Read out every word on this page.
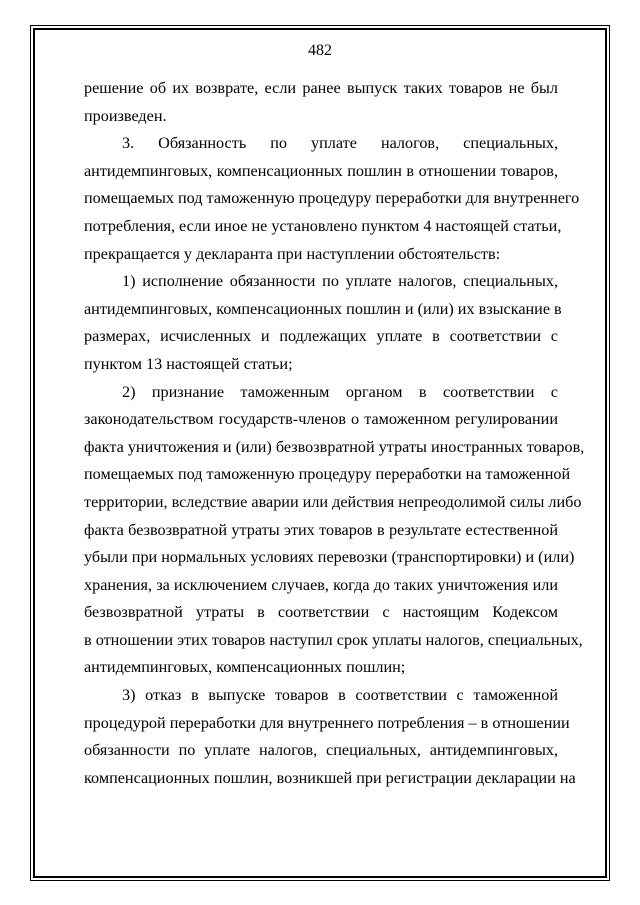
482
решение об их возврате, если ранее выпуск таких товаров не был
произведен.
3. Обязанность по уплате налогов, специальных,
антидемпинговых, компенсационных пошлин в отношении товаров,
помещаемых под таможенную процедуру переработки для внутреннего
потребления, если иное не установлено пунктом 4 настоящей статьи,
прекращается у декларанта при наступлении обстоятельств:
1) исполнение обязанности по уплате налогов, специальных,
антидемпинговых, компенсационных пошлин и (или) их взыскание в
размерах, исчисленных и подлежащих уплате в соответствии с
пунктом 13 настоящей статьи;
2) признание таможенным органом в соответствии с
законодательством государств-членов о таможенном регулировании
факта уничтожения и (или) безвозвратной утраты иностранных товаров,
помещаемых под таможенную процедуру переработки на таможенной
территории, вследствие аварии или действия непреодолимой силы либо
факта безвозвратной утраты этих товаров в результате естественной
убыли при нормальных условиях перевозки (транспортировки) и (или)
хранения, за исключением случаев, когда до таких уничтожения или
безвозвратной утраты в соответствии с настоящим Кодексом
в отношении этих товаров наступил срок уплаты налогов, специальных,
антидемпинговых, компенсационных пошлин;
3) отказ в выпуске товаров в соответствии с таможенной
процедурой переработки для внутреннего потребления – в отношении
обязанности по уплате налогов, специальных, антидемпинговых,
компенсационных пошлин, возникшей при регистрации декларации на
